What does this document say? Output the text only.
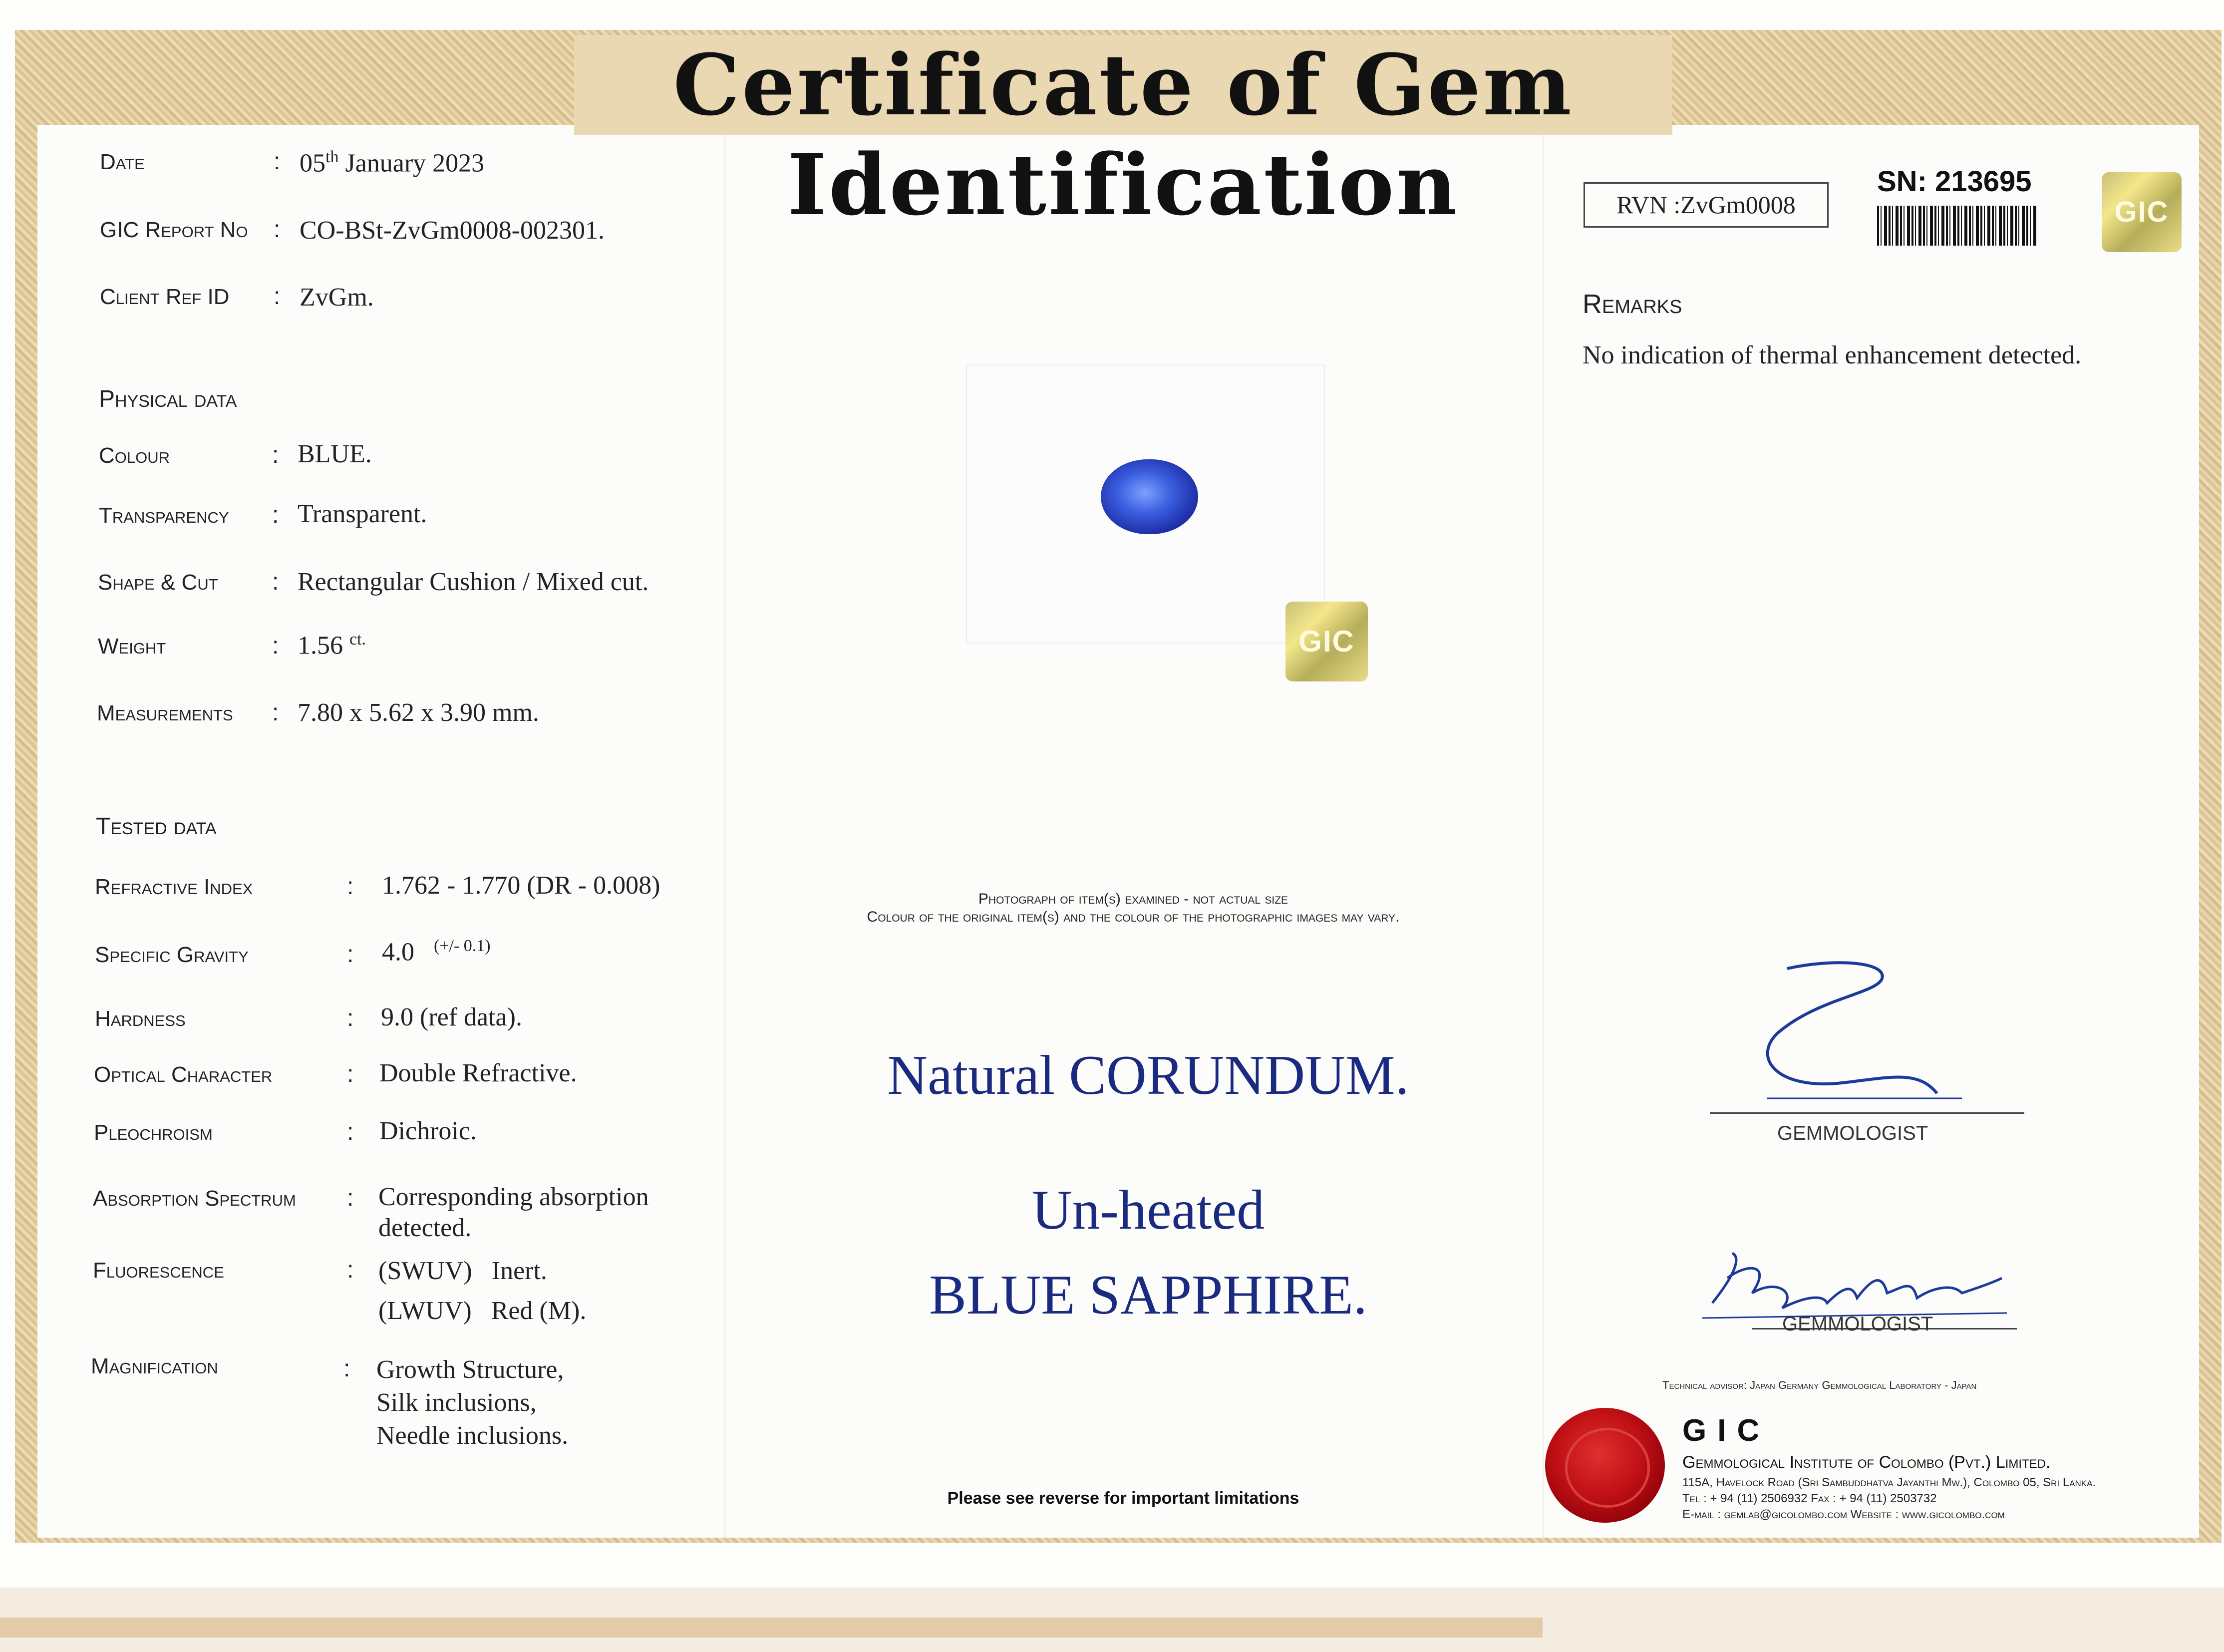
Certificate of Gem Identification
Date	: 05th January 2023
GIC Report No : CO-BSt-ZvGm0008-002301.
Client Ref ID : ZvGm.
Physical data
Colour	: BLUE.
Transparency : Transparent.
Shape & Cut : Rectangular Cushion / Mixed cut.
Weight	: 1.56 $^{ct.}$
Measurements : 7.80 x 5.62 x 3.90 mm.
Tested data
Refractive Index	: 1.762 - 1.770 (DR - 0.008)
Specific Gravity	: 4.0 $^{(+/- 0.1)}$
Hardness	: 9.0 (ref data).
Optical Character	: Double Refractive.
Pleochroism	: Dichroic.
Absorption Spectrum : Corresponding absorption
detected.
Fluorescence	: (SWUV) Inert.
(LWUV) Red (M).
Magnification	: Growth Structure,
Silk inclusions,
Needle inclusions.
GIC
Photograph of item(s) examined - not actual size
Colour of the original item(s) and the colour of the photographic images may vary.
Natural CORUNDUM.
Un-heated
BLUE SAPPHIRE.
Please see reverse for important limitations
RVN :ZvGm0008
SN: 213695
GIC
Remarks
No indication of thermal enhancement detected.
GEMMOLOGIST
GEMMOLOGIST
Technical advisor: Japan Germany Gemmological Laboratory - Japan
GIC
Gemmological Institute of Colombo (Pvt.) Limited.
115A, Havelock Road (Sri Sambuddhatva Jayanthi Mw.), Colombo 05, Sri Lanka.
Tel : + 94 (11) 2506932 Fax : + 94 (11) 2503732
E-mail : gemlab@gicolombo.com Website : www.gicolombo.com
